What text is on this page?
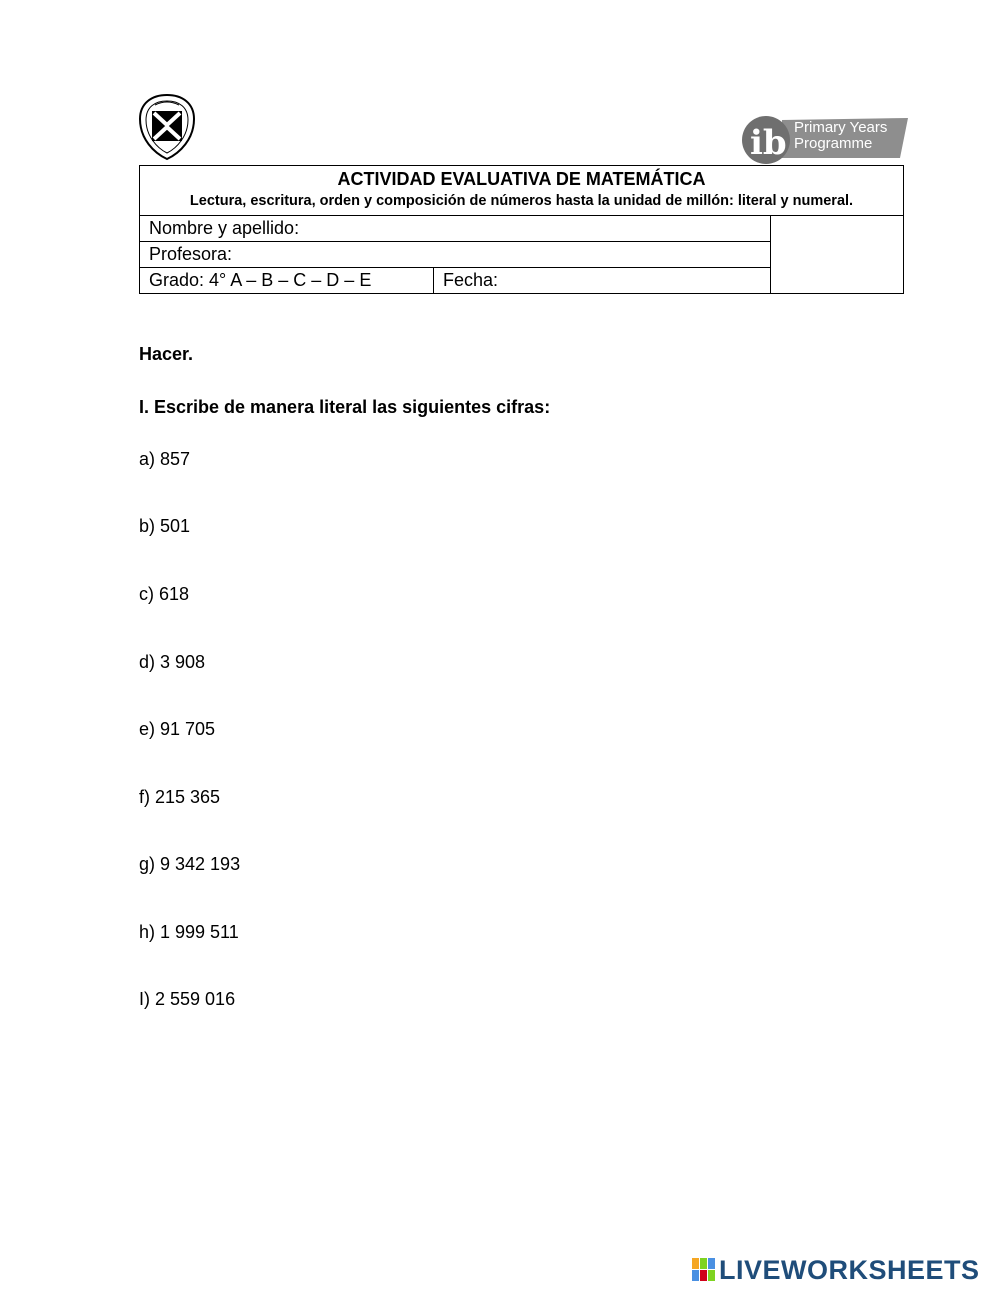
ib Primary Years
Programme
ACTIVIDAD EVALUATIVA DE MATEMÁTICA
Lectura, escritura, orden y composición de números hasta la unidad de millón: literal y numeral.		

Nombre y apellido:		
Profesora:		
Grado: 4° A – B – C – D – E	Fecha:	
Hacer.
I. Escribe de manera literal las siguientes cifras:
a) 857
b) 501
c) 618
d) 3 908
e) 91 705
f) 215 365
g) 9 342 193
h) 1 999 511
I) 2 559 016
LIVEWORKSHEETS
